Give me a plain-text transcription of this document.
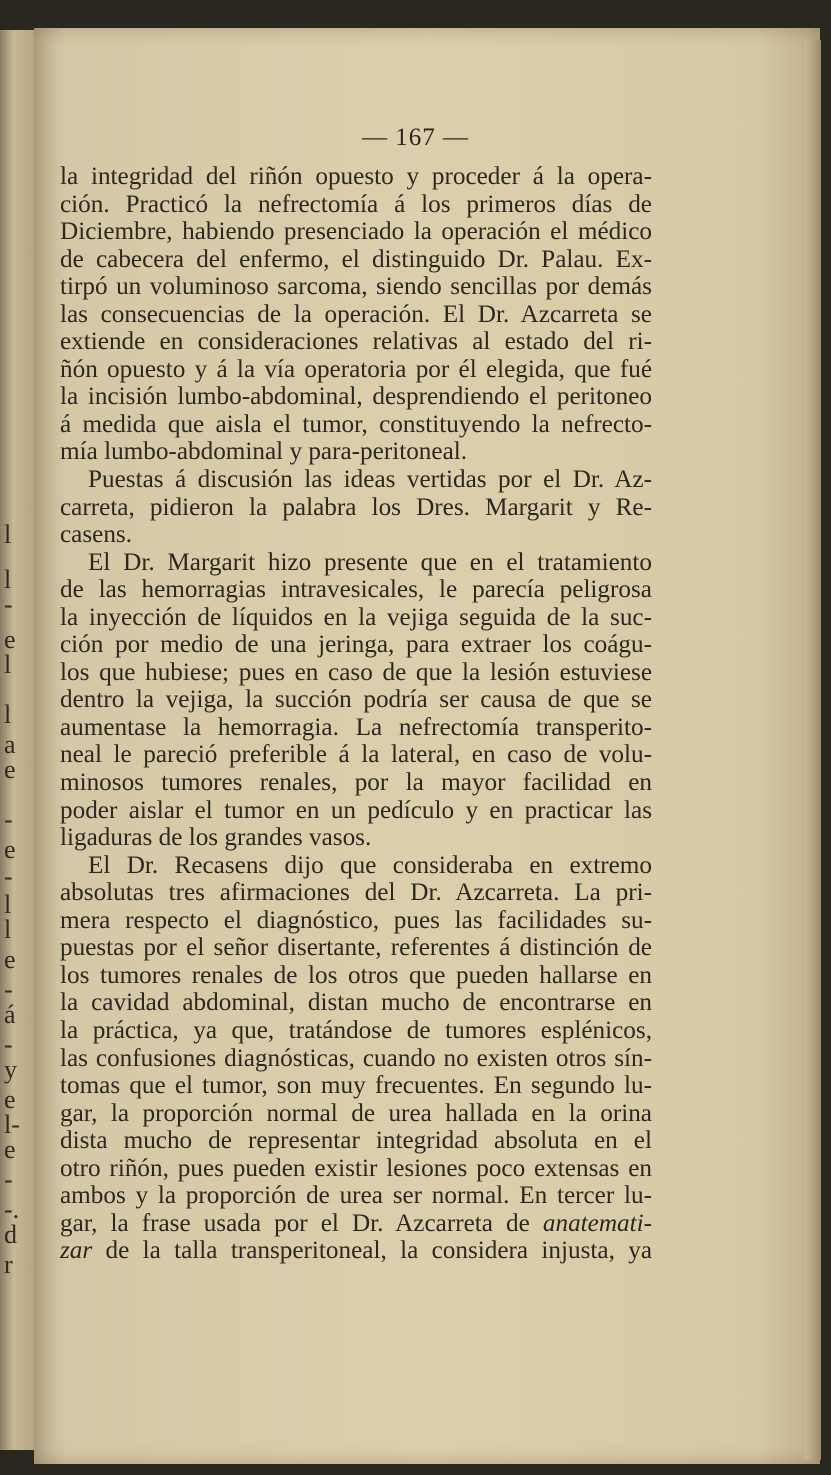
l
l
-
e
l
l
a
e
-
e
-
l
l
e
-
á
-
y
e
l-
e
-
-.
d
r
— 167 —
la integridad del riñón opuesto y proceder á la opera-
ción. Practicó la nefrectomía á los primeros días de
Diciembre, habiendo presenciado la operación el médico
de cabecera del enfermo, el distinguido Dr. Palau. Ex-
tirpó un voluminoso sarcoma, siendo sencillas por demás
las consecuencias de la operación. El Dr. Azcarreta se
extiende en consideraciones relativas al estado del ri-
ñón opuesto y á la vía operatoria por él elegida, que fué
la incisión lumbo-abdominal, desprendiendo el peritoneo
á medida que aisla el tumor, constituyendo la nefrecto-
mía lumbo-abdominal y para-peritoneal.
Puestas á discusión las ideas vertidas por el Dr. Az-
carreta, pidieron la palabra los Dres. Margarit y Re-
casens.
El Dr. Margarit hizo presente que en el tratamiento
de las hemorragias intravesicales, le parecía peligrosa
la inyección de líquidos en la vejiga seguida de la suc-
ción por medio de una jeringa, para extraer los coágu-
los que hubiese; pues en caso de que la lesión estuviese
dentro la vejiga, la succión podría ser causa de que se
aumentase la hemorragia. La nefrectomía transperito-
neal le pareció preferible á la lateral, en caso de volu-
minosos tumores renales, por la mayor facilidad en
poder aislar el tumor en un pedículo y en practicar las
ligaduras de los grandes vasos.
El Dr. Recasens dijo que consideraba en extremo
absolutas tres afirmaciones del Dr. Azcarreta. La pri-
mera respecto el diagnóstico, pues las facilidades su-
puestas por el señor disertante, referentes á distinción de
los tumores renales de los otros que pueden hallarse en
la cavidad abdominal, distan mucho de encontrarse en
la práctica, ya que, tratándose de tumores esplénicos,
las confusiones diagnósticas, cuando no existen otros sín-
tomas que el tumor, son muy frecuentes. En segundo lu-
gar, la proporción normal de urea hallada en la orina
dista mucho de representar integridad absoluta en el
otro riñón, pues pueden existir lesiones poco extensas en
ambos y la proporción de urea ser normal. En tercer lu-
gar, la frase usada por el Dr. Azcarreta de anatemati-
zar de la talla transperitoneal, la considera injusta, ya
